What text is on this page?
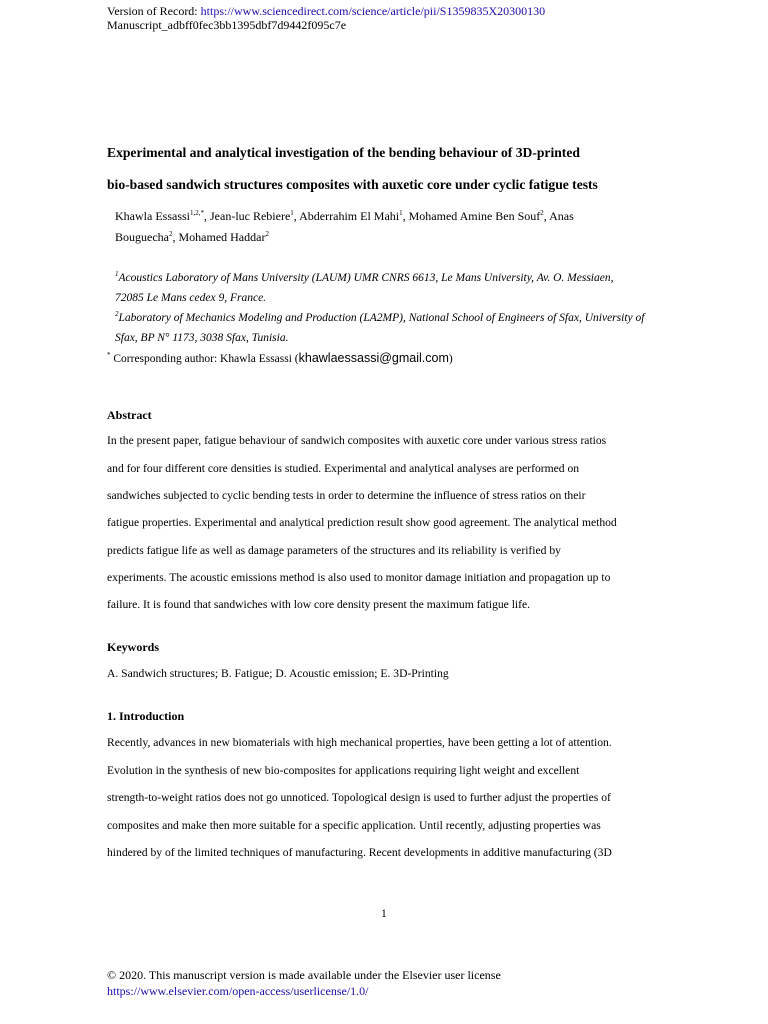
Version of Record: https://www.sciencedirect.com/science/article/pii/S1359835X20300130
Manuscript_adbff0fec3bb1395dbf7d9442f095c7e
Experimental and analytical investigation of the bending behaviour of 3D-printed
bio-based sandwich structures composites with auxetic core under cyclic fatigue tests
Khawla Essassi$^{1,2,*}$, Jean-luc Rebiere$^1$, Abderrahim El Mahi$^1$, Mohamed Amine Ben Souf$^2$, Anas Bouguecha$^2$, Mohamed Haddar$^2$
$^1$Acoustics Laboratory of Mans University (LAUM) UMR CNRS 6613, Le Mans University, Av. O. Messiaen, 72085 Le Mans cedex 9, France.
$^2$Laboratory of Mechanics Modeling and Production (LA2MP), National School of Engineers of Sfax, University of Sfax, BP N° 1173, 3038 Sfax, Tunisia.
* Corresponding author: Khawla Essassi (khawlaessassi@gmail.com)
Abstract
In the present paper, fatigue behaviour of sandwich composites with auxetic core under various stress ratios
and for four different core densities is studied. Experimental and analytical analyses are performed on
sandwiches subjected to cyclic bending tests in order to determine the influence of stress ratios on their
fatigue properties. Experimental and analytical prediction result show good agreement. The analytical method
predicts fatigue life as well as damage parameters of the structures and its reliability is verified by
experiments. The acoustic emissions method is also used to monitor damage initiation and propagation up to
failure. It is found that sandwiches with low core density present the maximum fatigue life.
Keywords
A. Sandwich structures; B. Fatigue; D. Acoustic emission; E. 3D-Printing
1. Introduction
Recently, advances in new biomaterials with high mechanical properties, have been getting a lot of attention.
Evolution in the synthesis of new bio-composites for applications requiring light weight and excellent
strength-to-weight ratios does not go unnoticed. Topological design is used to further adjust the properties of
composites and make then more suitable for a specific application. Until recently, adjusting properties was
hindered by of the limited techniques of manufacturing. Recent developments in additive manufacturing (3D
1
© 2020. This manuscript version is made available under the Elsevier user license
https://www.elsevier.com/open-access/userlicense/1.0/
